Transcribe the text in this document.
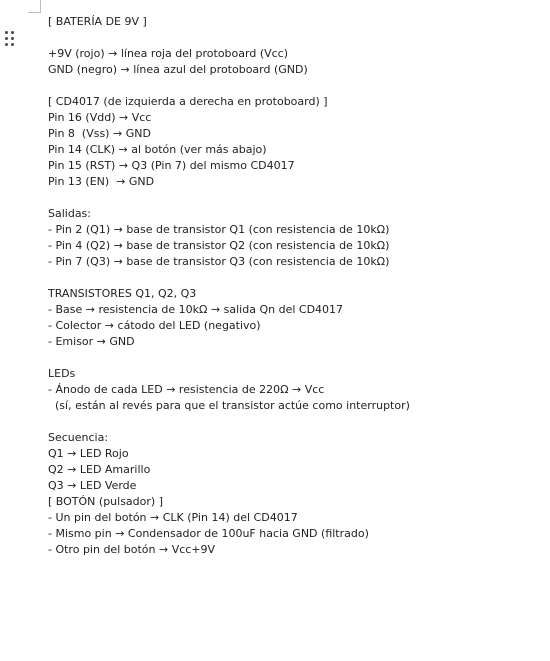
[ BATERÍA DE 9V ]
+9V (rojo) → línea roja del protoboard (Vcc)
GND (negro) → línea azul del protoboard (GND)
[ CD4017 (de izquierda a derecha en protoboard) ]
Pin 16 (Vdd) → Vcc
Pin 8  (Vss) → GND
Pin 14 (CLK) → al botón (ver más abajo)
Pin 15 (RST) → Q3 (Pin 7) del mismo CD4017
Pin 13 (EN)  → GND
Salidas:
- Pin 2 (Q1) → base de transistor Q1 (con resistencia de 10kΩ)
- Pin 4 (Q2) → base de transistor Q2 (con resistencia de 10kΩ)
- Pin 7 (Q3) → base de transistor Q3 (con resistencia de 10kΩ)
TRANSISTORES Q1, Q2, Q3
- Base → resistencia de 10kΩ → salida Qn del CD4017
- Colector → cátodo del LED (negativo)
- Emisor → GND
LEDs
- Ánodo de cada LED → resistencia de 220Ω → Vcc
(sí, están al revés para que el transistor actúe como interruptor)
Secuencia:
Q1 → LED Rojo
Q2 → LED Amarillo
Q3 → LED Verde
[ BOTÓN (pulsador) ]
- Un pin del botón → CLK (Pin 14) del CD4017
- Mismo pin → Condensador de 100uF hacia GND (filtrado)
- Otro pin del botón → Vcc+9V
